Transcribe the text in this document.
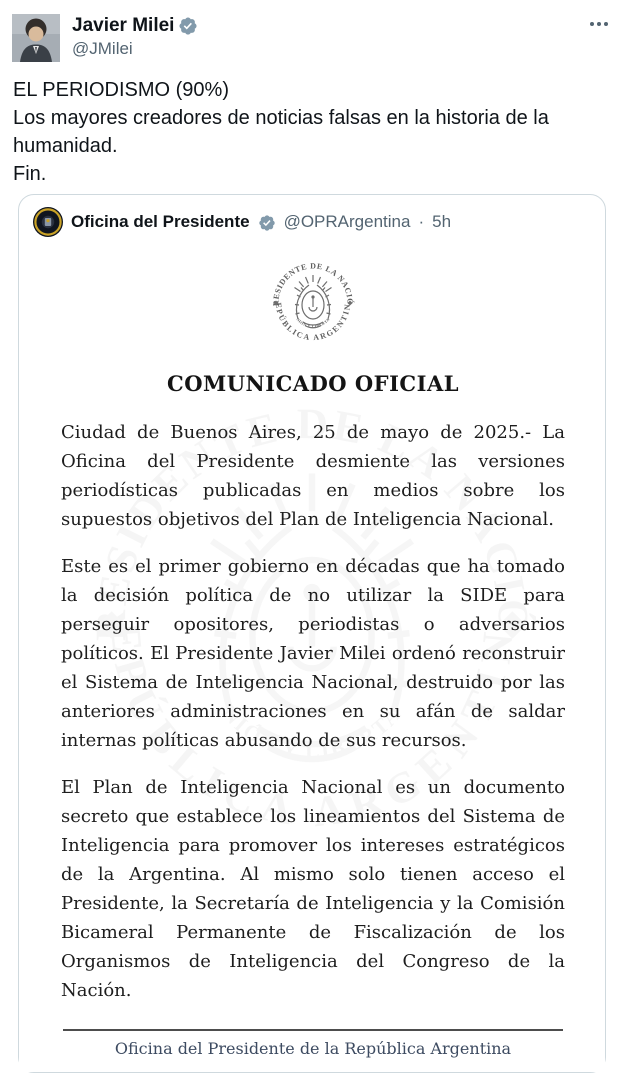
Javier Milei
@JMilei
EL PERIODISMO (90%)
Los mayores creadores de noticias falsas en la historia de la humanidad.
Fin.
Oficina del Presidente @OPRArgentina · 5h
COMUNICADO OFICIAL

Ciudad de Buenos Aires, 25 de mayo de 2025.- La Oficina del Presidente desmiente las versiones periodísticas publicadas en medios sobre los supuestos objetivos del Plan de Inteligencia Nacional.

Este es el primer gobierno en décadas que ha tomado la decisión política de no utilizar la SIDE para perseguir opositores, periodistas o adversarios políticos. El Presidente Javier Milei ordenó reconstruir el Sistema de Inteligencia Nacional, destruido por las anteriores administraciones en su afán de saldar internas políticas abusando de sus recursos.

El Plan de Inteligencia Nacional es un documento secreto que establece los lineamientos del Sistema de Inteligencia para promover los intereses estratégicos de la Argentina. Al mismo solo tienen acceso el Presidente, la Secretaría de Inteligencia y la Comisión Bicameral Permanente de Fiscalización de los Organismos de Inteligencia del Congreso de la Nación.

Oficina del Presidente de la República Argentina
